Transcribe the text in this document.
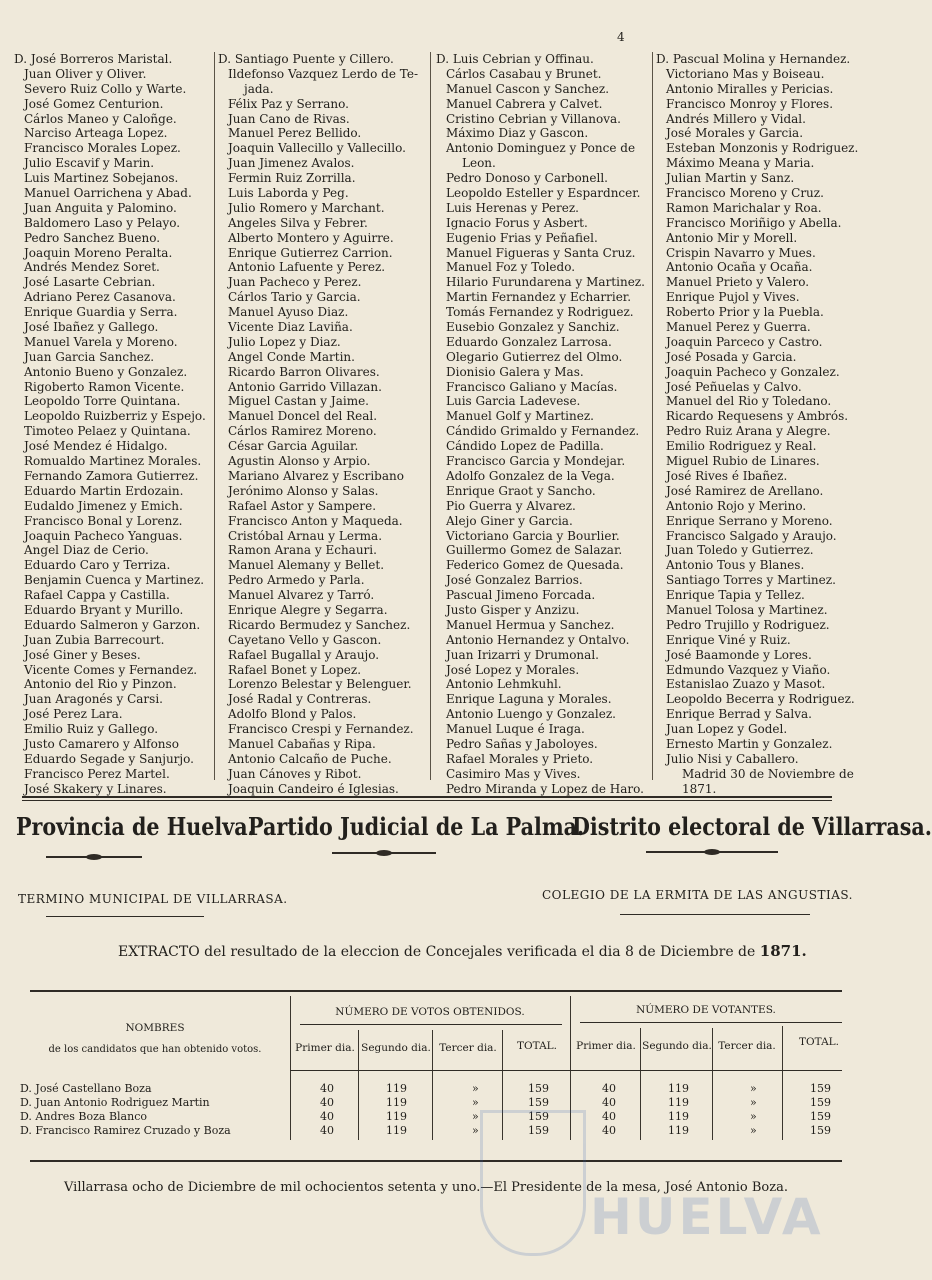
4
D. José Borreros Maristal.
Juan Oliver y Oliver.
Severo Ruiz Collo y Warte.
José Gomez Centurion.
Cárlos Maneo y Caloñge.
Narciso Arteaga Lopez.
Francisco Morales Lopez.
Julio Escavif y Marin.
Luis Martinez Sobejanos.
Manuel Oarrichena y Abad.
Juan Anguita y Palomino.
Baldomero Laso y Pelayo.
Pedro Sanchez Bueno.
Joaquin Moreno Peralta.
Andrés Mendez Soret.
José Lasarte Cebrian.
Adriano Perez Casanova.
Enrique Guardia y Serra.
José Ibañez y Gallego.
Manuel Varela y Moreno.
Juan Garcia Sanchez.
Antonio Bueno y Gonzalez.
Rigoberto Ramon Vicente.
Leopoldo Torre Quintana.
Leopoldo Ruizberriz y Espejo.
Timoteo Pelaez y Quintana.
José Mendez é Hidalgo.
Romualdo Martinez Morales.
Fernando Zamora Gutierrez.
Eduardo Martin Erdozain.
Eudaldo Jimenez y Emich.
Francisco Bonal y Lorenz.
Joaquin Pacheco Yanguas.
Angel Diaz de Cerio.
Eduardo Caro y Terriza.
Benjamin Cuenca y Martinez.
Rafael Cappa y Castilla.
Eduardo Bryant y Murillo.
Eduardo Salmeron y Garzon.
Juan Zubia Barrecourt.
José Giner y Beses.
Vicente Comes y Fernandez.
Antonio del Rio y Pinzon.
Juan Aragonés y Carsi.
José Perez Lara.
Emilio Ruiz y Gallego.
Justo Camarero y Alfonso
Eduardo Segade y Sanjurjo.
Francisco Perez Martel.
José Skakery y Linares.
D. Santiago Puente y Cillero.
Ildefonso Vazquez Lerdo de Te-
jada.
Félix Paz y Serrano.
Juan Cano de Rivas.
Manuel Perez Bellido.
Joaquin Vallecillo y Vallecillo.
Juan Jimenez Avalos.
Fermin Ruiz Zorrilla.
Luis Laborda y Peg.
Julio Romero y Marchant.
Angeles Silva y Febrer.
Alberto Montero y Aguirre.
Enrique Gutierrez Carrion.
Antonio Lafuente y Perez.
Juan Pacheco y Perez.
Cárlos Tario y Garcia.
Manuel Ayuso Diaz.
Vicente Diaz Laviña.
Julio Lopez y Diaz.
Angel Conde Martin.
Ricardo Barron Olivares.
Antonio Garrido Villazan.
Miguel Castan y Jaime.
Manuel Doncel del Real.
Cárlos Ramirez Moreno.
César Garcia Aguilar.
Agustin Alonso y Arpio.
Mariano Alvarez y Escribano
Jerónimo Alonso y Salas.
Rafael Astor y Sampere.
Francisco Anton y Maqueda.
Cristóbal Arnau y Lerma.
Ramon Arana y Echauri.
Manuel Alemany y Bellet.
Pedro Armedo y Parla.
Manuel Alvarez y Tarró.
Enrique Alegre y Segarra.
Ricardo Bermudez y Sanchez.
Cayetano Vello y Gascon.
Rafael Bugallal y Araujo.
Rafael Bonet y Lopez.
Lorenzo Belestar y Belenguer.
José Radal y Contreras.
Adolfo Blond y Palos.
Francisco Crespi y Fernandez.
Manuel Cabañas y Ripa.
Antonio Calcaño de Puche.
Juan Cánoves y Ribot.
Joaquin Candeiro é Iglesias.
D. Luis Cebrian y Offinau.
Cárlos Casabau y Brunet.
Manuel Cascon y Sanchez.
Manuel Cabrera y Calvet.
Cristino Cebrian y Villanova.
Máximo Diaz y Gascon.
Antonio Dominguez y Ponce de
Leon.
Pedro Donoso y Carbonell.
Leopoldo Esteller y Espardncer.
Luis Herenas y Perez.
Ignacio Forus y Asbert.
Eugenio Frias y Peñafiel.
Manuel Figueras y Santa Cruz.
Manuel Foz y Toledo.
Hilario Furundarena y Martinez.
Martin Fernandez y Echarrier.
Tomás Fernandez y Rodriguez.
Eusebio Gonzalez y Sanchiz.
Eduardo Gonzalez Larrosa.
Olegario Gutierrez del Olmo.
Dionisio Galera y Mas.
Francisco Galiano y Macías.
Luis Garcia Ladevese.
Manuel Golf y Martinez.
Cándido Grimaldo y Fernandez.
Cándido Lopez de Padilla.
Francisco Garcia y Mondejar.
Adolfo Gonzalez de la Vega.
Enrique Graot y Sancho.
Pio Guerra y Alvarez.
Alejo Giner y Garcia.
Victoriano Garcia y Bourlier.
Guillermo Gomez de Salazar.
Federico Gomez de Quesada.
José Gonzalez Barrios.
Pascual Jimeno Forcada.
Justo Gisper y Anzizu.
Manuel Hermua y Sanchez.
Antonio Hernandez y Ontalvo.
Juan Irizarri y Drumonal.
José Lopez y Morales.
Antonio Lehmkuhl.
Enrique Laguna y Morales.
Antonio Luengo y Gonzalez.
Manuel Luque é Iraga.
Pedro Sañas y Jaboloyes.
Rafael Morales y Prieto.
Casimiro Mas y Vives.
Pedro Miranda y Lopez de Haro.
D. Pascual Molina y Hernandez.
Victoriano Mas y Boiseau.
Antonio Miralles y Pericias.
Francisco Monroy y Flores.
Andrés Millero y Vidal.
José Morales y Garcia.
Esteban Monzonis y Rodriguez.
Máximo Meana y Maria.
Julian Martin y Sanz.
Francisco Moreno y Cruz.
Ramon Marichalar y Roa.
Francisco Moriñigo y Abella.
Antonio Mir y Morell.
Crispin Navarro y Mues.
Antonio Ocaña y Ocaña.
Manuel Prieto y Valero.
Enrique Pujol y Vives.
Roberto Prior y la Puebla.
Manuel Perez y Guerra.
Joaquin Parceco y Castro.
José Posada y Garcia.
Joaquin Pacheco y Gonzalez.
José Peñuelas y Calvo.
Manuel del Rio y Toledano.
Ricardo Requesens y Ambrós.
Pedro Ruiz Arana y Alegre.
Emilio Rodriguez y Real.
Miguel Rubio de Linares.
José Rives é Ibañez.
José Ramirez de Arellano.
Antonio Rojo y Merino.
Enrique Serrano y Moreno.
Francisco Salgado y Araujo.
Juan Toledo y Gutierrez.
Antonio Tous y Blanes.
Santiago Torres y Martinez.
Enrique Tapia y Tellez.
Manuel Tolosa y Martinez.
Pedro Trujillo y Rodriguez.
Enrique Viné y Ruiz.
José Baamonde y Lores.
Edmundo Vazquez y Viaño.
Estanislao Zuazo y Masot.
Leopoldo Becerra y Rodriguez.
Enrique Berrad y Salva.
Juan Lopez y Godel.
Ernesto Martin y Gonzalez.
Julio Nisi y Caballero.
Madrid 30 de Noviembre de
1871.
Provincia de Huelva.
Partido Judicial de La Palma.
Distrito electoral de Villarrasa.
TERMINO MUNICIPAL DE VILLARRASA.	COLEGIO DE LA ERMITA DE LAS ANGUSTIAS.
EXTRACTO del resultado de la eleccion de Concejales verificada el dia 8 de Diciembre de 1871.
NOMBRES
de los candidatos que han obtenido votos.
NÚMERO DE VOTOS OBTENIDOS.	NÚMERO DE VOTANTES.
Primer dia. Segundo dia. Tercer dia.	TOTAL.	Primer dia. Segundo dia. Tercer dia.	TOTAL.
D. José Castellano Boza	40	119	»	159	40	119	»	159
D. Juan Antonio Rodriguez Martin	40	119	»	159	40	119	»	159
D. Andres Boza Blanco	40	119	»	159	40	119	»	159
D. Francisco Ramirez Cruzado y Boza	40	119	»	159	40	119	»	159
Villarrasa ocho de Diciembre de mil ochocientos setenta y uno.—El Presidente de la mesa, José Antonio Boza.
HUELVA
